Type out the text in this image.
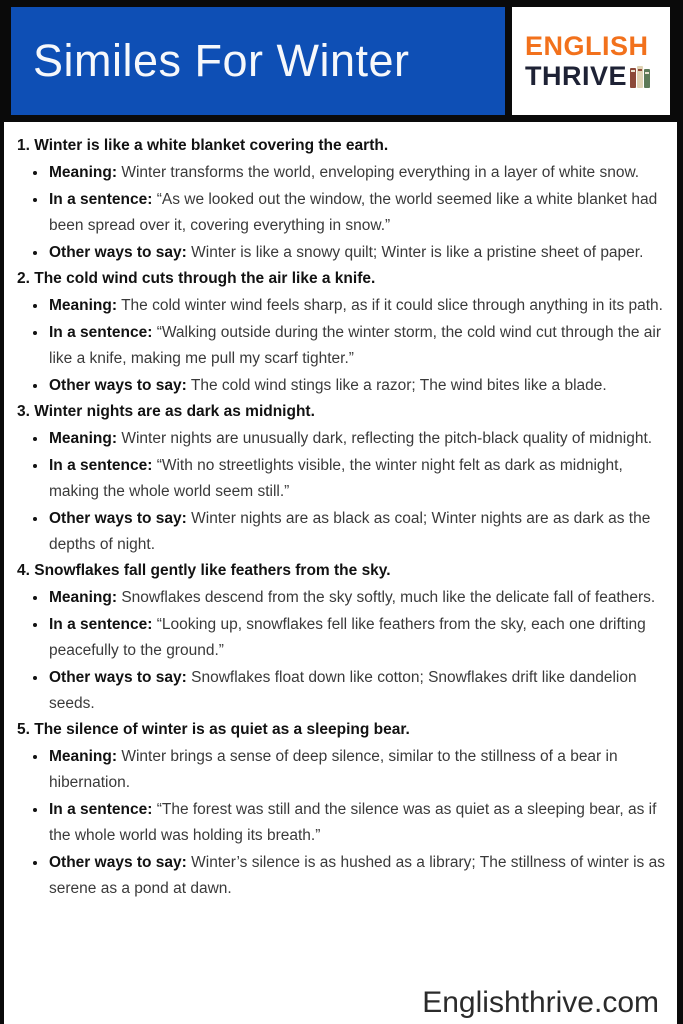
Similes For Winter	ENGLISH
THRIVE
1. Winter is like a white blanket covering the earth.
• Meaning: Winter transforms the world, enveloping everything in a layer of white snow.
• In a sentence: “As we looked out the window, the world seemed like a white blanket had been spread over it, covering everything in snow.”
• Other ways to say: Winter is like a snowy quilt; Winter is like a pristine sheet of paper.
2. The cold wind cuts through the air like a knife.
• Meaning: The cold winter wind feels sharp, as if it could slice through anything in its path.
• In a sentence: “Walking outside during the winter storm, the cold wind cut through the air like a knife, making me pull my scarf tighter.”
• Other ways to say: The cold wind stings like a razor; The wind bites like a blade.
3. Winter nights are as dark as midnight.
• Meaning: Winter nights are unusually dark, reflecting the pitch-black quality of midnight.
• In a sentence: “With no streetlights visible, the winter night felt as dark as midnight, making the whole world seem still.”
• Other ways to say: Winter nights are as black as coal; Winter nights are as dark as the depths of night.
4. Snowflakes fall gently like feathers from the sky.
• Meaning: Snowflakes descend from the sky softly, much like the delicate fall of feathers.
• In a sentence: “Looking up, snowflakes fell like feathers from the sky, each one drifting peacefully to the ground.”
• Other ways to say: Snowflakes float down like cotton; Snowflakes drift like dandelion seeds.
5. The silence of winter is as quiet as a sleeping bear.
• Meaning: Winter brings a sense of deep silence, similar to the stillness of a bear in hibernation.
• In a sentence: “The forest was still and the silence was as quiet as a sleeping bear, as if the whole world was holding its breath.”
• Other ways to say: Winter’s silence is as hushed as a library; The stillness of winter is as serene as a pond at dawn.
Englishthrive.com
